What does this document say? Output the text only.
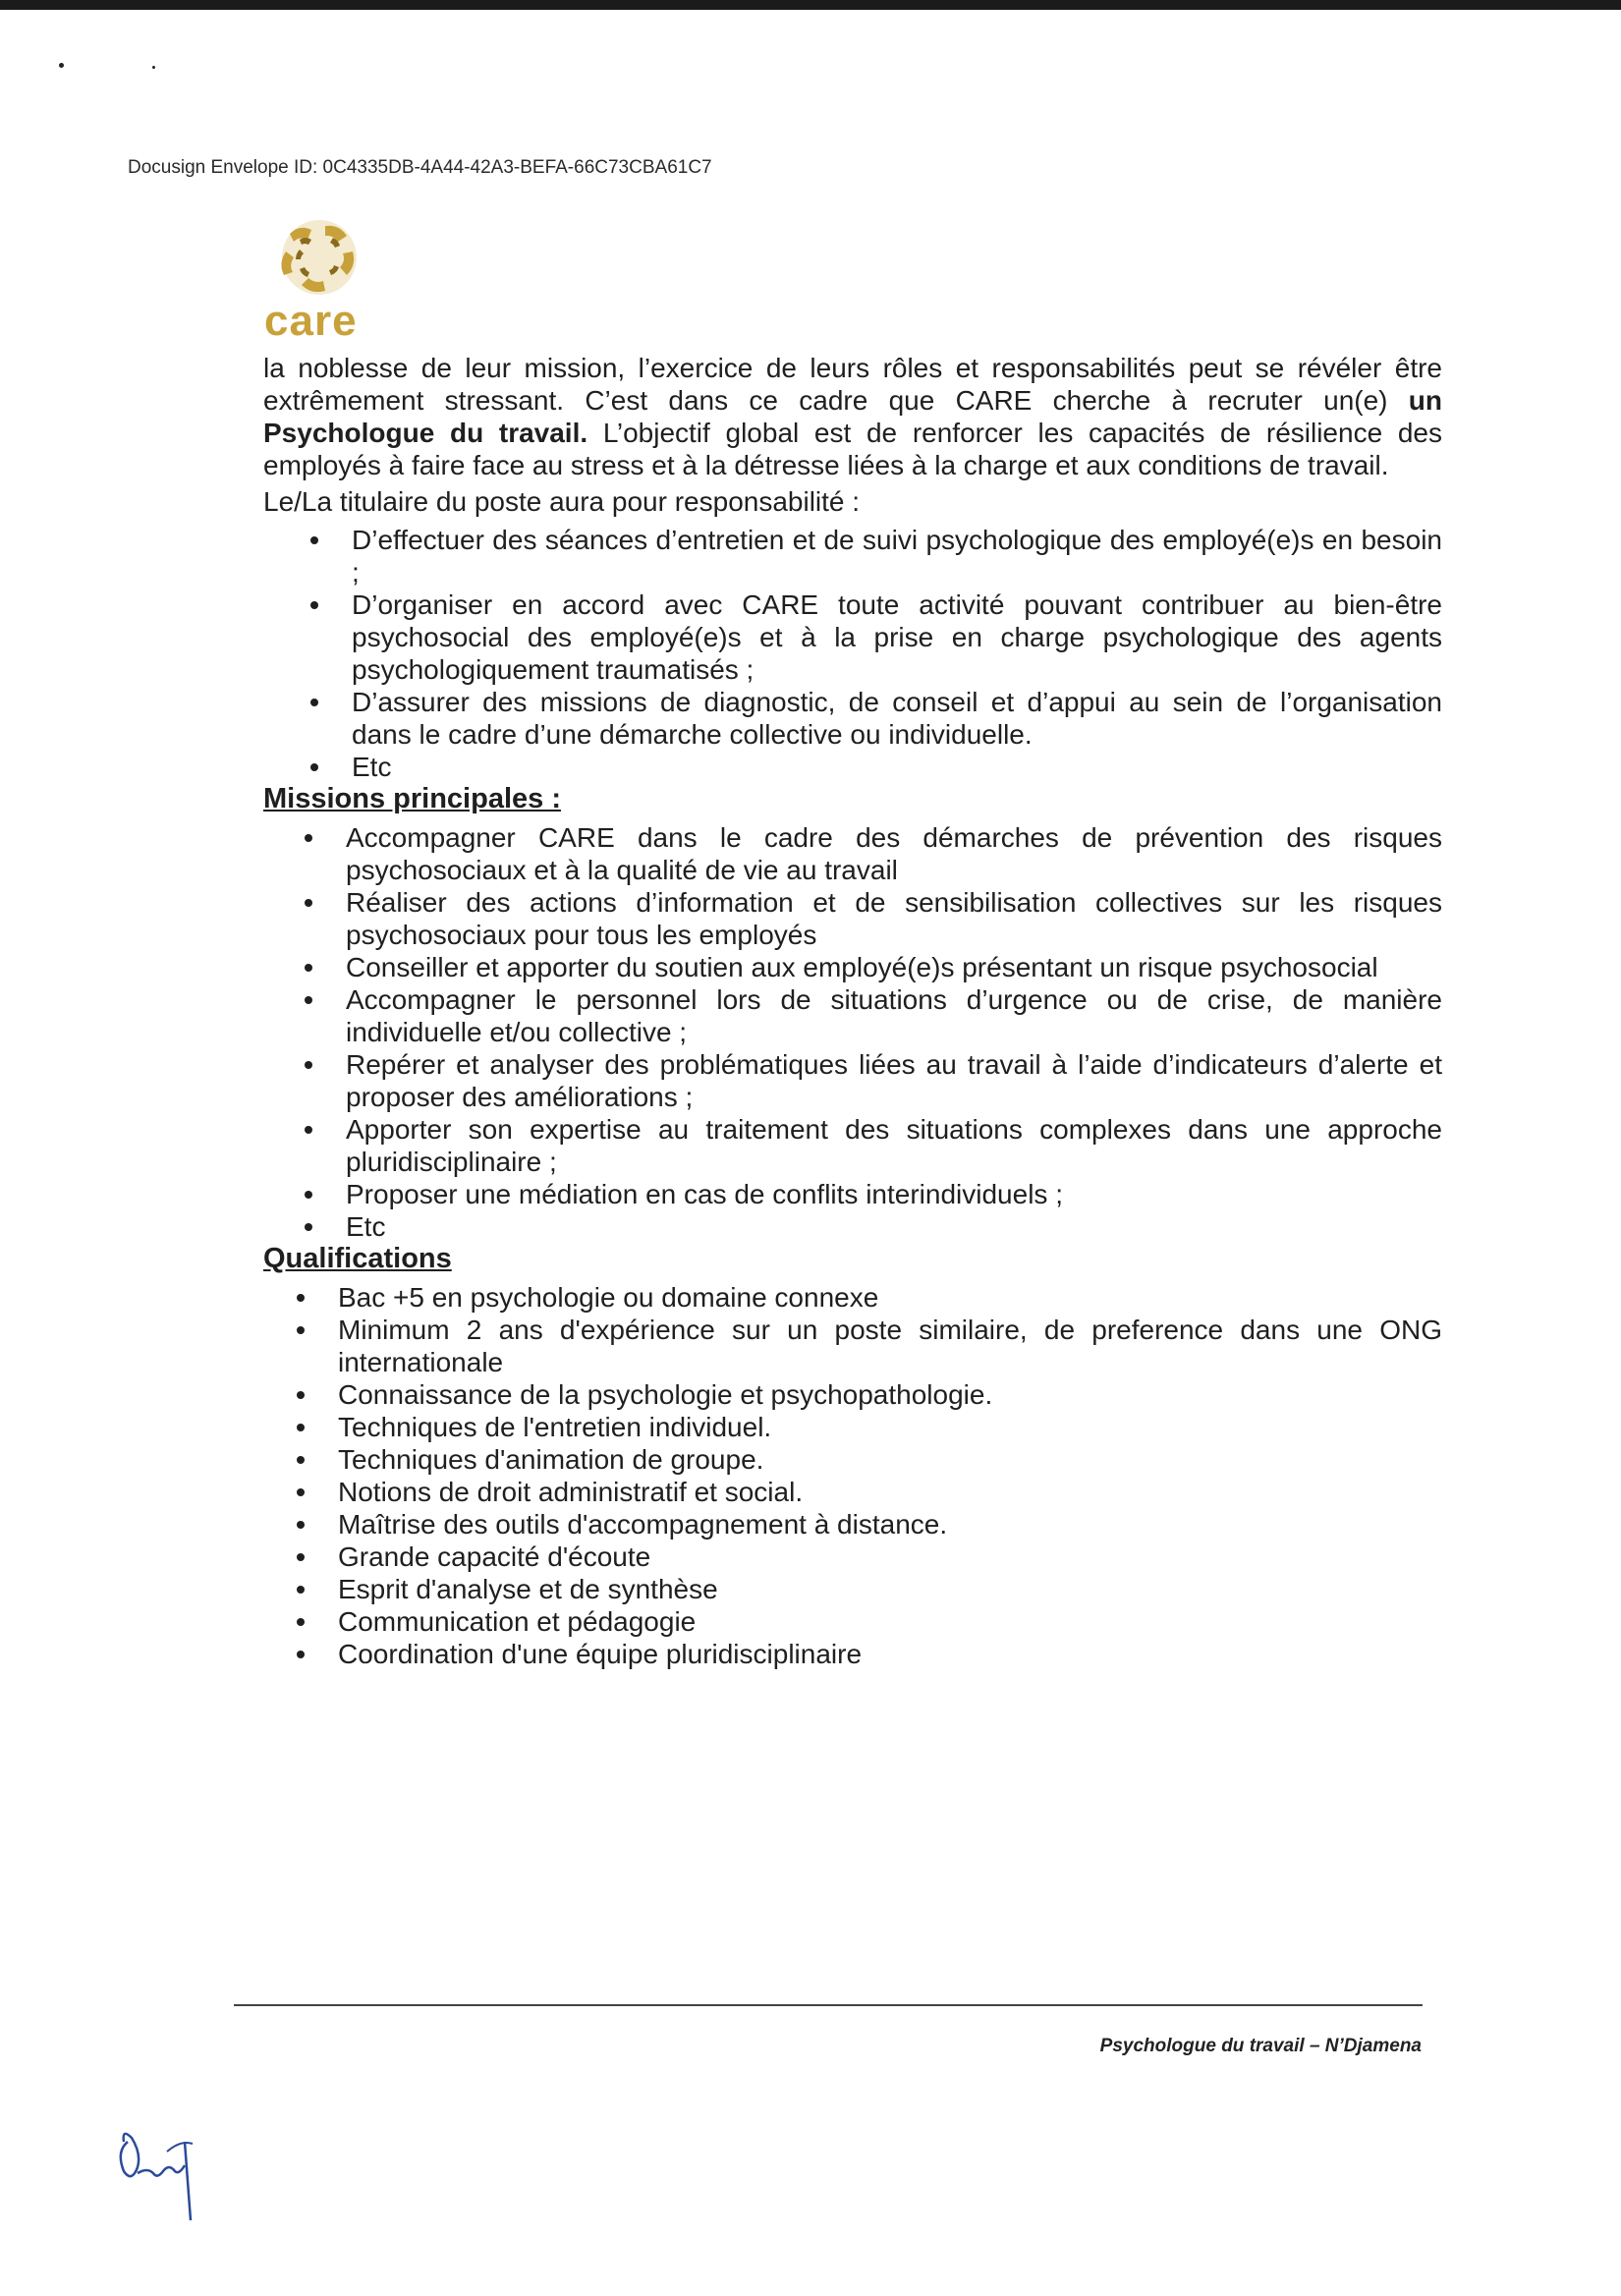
Docusign Envelope ID: 0C4335DB-4A44-42A3-BEFA-66C73CBA61C7
care

la noblesse de leur mission, l’exercice de leurs rôles et responsabilités peut se révéler être extrêmement stressant. C’est dans ce cadre que CARE cherche à recruter un(e) un Psychologue du travail. L’objectif global est de renforcer les capacités de résilience des employés à faire face au stress et à la détresse liées à la charge et aux conditions de travail.

Le/La titulaire du poste aura pour responsabilité :

D’effectuer des séances d’entretien et de suivi psychologique des employé(e)s en besoin ;
D’organiser en accord avec CARE toute activité pouvant contribuer au bien-être psychosocial des employé(e)s et à la prise en charge psychologique des agents psychologiquement traumatisés ;
D’assurer des missions de diagnostic, de conseil et d’appui au sein de l’organisation dans le cadre d’une démarche collective ou individuelle.
Etc

Missions principales :

Accompagner CARE dans le cadre des démarches de prévention des risques psychosociaux et à la qualité de vie au travail
Réaliser des actions d’information et de sensibilisation collectives sur les risques psychosociaux pour tous les employés
Conseiller et apporter du soutien aux employé(e)s présentant un risque psychosocial
Accompagner le personnel lors de situations d’urgence ou de crise, de manière individuelle et/ou collective ;
Repérer et analyser des problématiques liées au travail à l’aide d’indicateurs d’alerte et proposer des améliorations ;
Apporter son expertise au traitement des situations complexes dans une approche pluridisciplinaire ;
Proposer une médiation en cas de conflits interindividuels ;
Etc

Qualifications

Bac +5 en psychologie ou domaine connexe
Minimum 2 ans d'expérience sur un poste similaire, de preference dans une ONG internationale
Connaissance de la psychologie et psychopathologie.
Techniques de l'entretien individuel.
Techniques d'animation de groupe.
Notions de droit administratif et social.
Maîtrise des outils d'accompagnement à distance.
Grande capacité d'écoute
Esprit d'analyse et de synthèse
Communication et pédagogie
Coordination d'une équipe pluridisciplinaire
Psychologue du travail – N’Djamena
